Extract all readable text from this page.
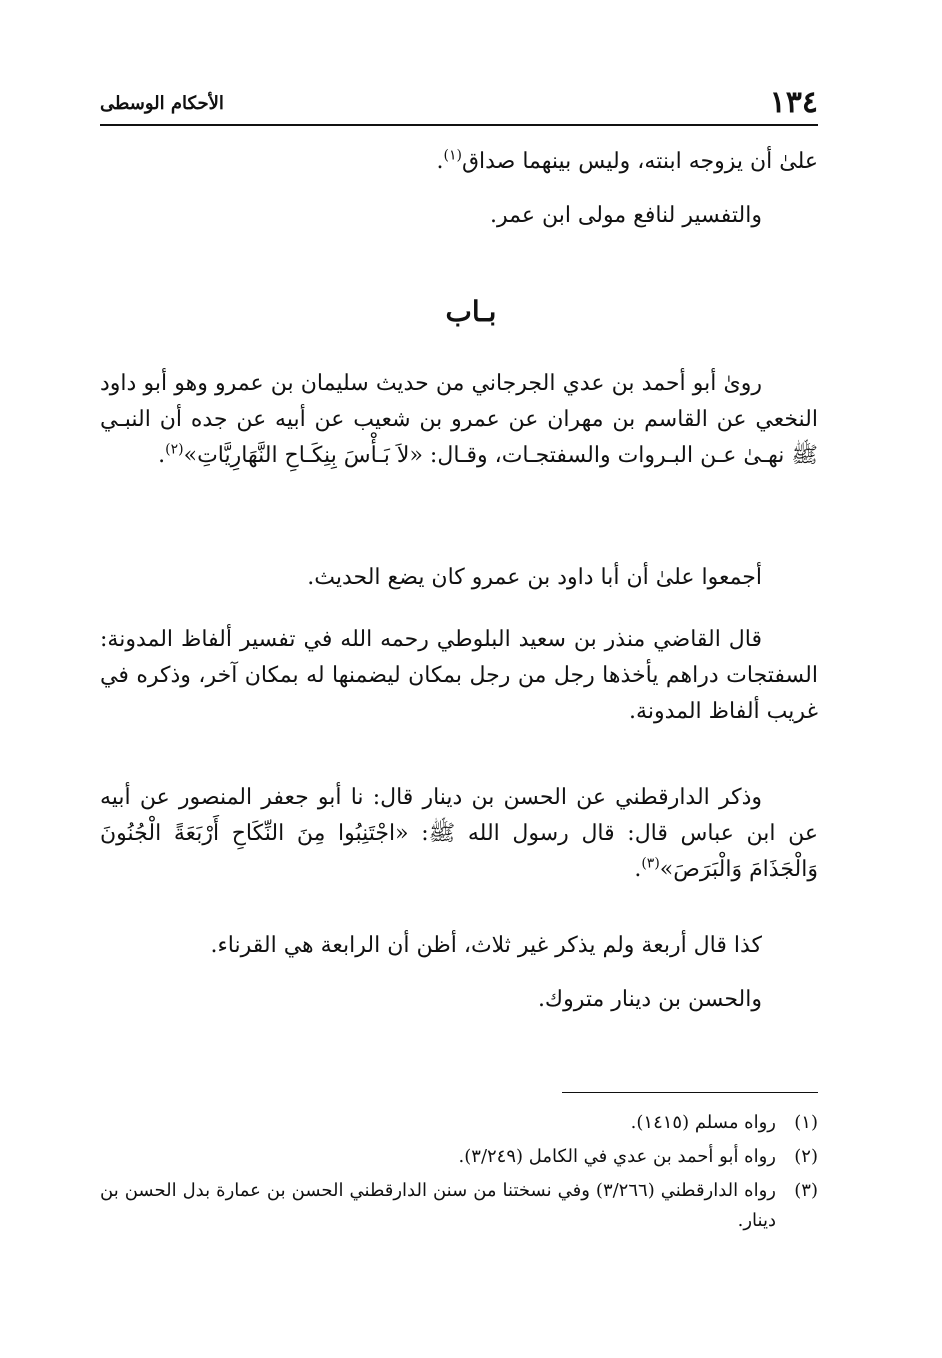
١٣٤
الأحكام الوسطى
علىٰ أن يزوجه ابنته، وليس بينهما صداق$^{(١)}$.
والتفسير لنافع مولى ابن عمر.
بـاب
رویٰ أبو أحمد بن عدي الجرجاني من حديث سليمان بن عمرو وهو أبو داود النخعي عن القاسم بن مهران عن عمرو بن شعيب عن أبيه عن جده أن النبـي ﷺ نهـىٰ عـن البـروات والسفتجـات، وقـال: «لاَ بَـأْسَ بِنِكَـاحِ النَّهَارِيَّاتِ»$^{(٢)}$.
أجمعوا علىٰ أن أبا داود بن عمرو كان يضع الحديث.
قال القاضي منذر بن سعيد البلوطي رحمه الله في تفسير ألفاظ المدونة: السفتجات دراهم يأخذها رجل من رجل بمكان ليضمنها له بمكان آخر، وذكره في غريب ألفاظ المدونة.
وذكر الدارقطني عن الحسن بن دينار قال: نا أبو جعفر المنصور عن أبيه عن ابن عباس قال: قال رسول الله ﷺ: «اجْتَنِبُوا مِنَ النِّكَاحِ أَرْبَعَةً الْجُنُونَ وَالْجَذَامَ وَالْبَرَصَ»$^{(٣)}$.
كذا قال أربعة ولم يذكر غير ثلاث، أظن أن الرابعة هي القرناء.
والحسن بن دينار متروك.
(١)
رواه مسلم (١٤١٥).
(٢)
رواه أبو أحمد بن عدي في الكامل (٣/٢٤٩).
(٣)
رواه الدارقطني (٣/٢٦٦) وفي نسختنا من سنن الدارقطني الحسن بن عمارة بدل الحسن بن دينار.
